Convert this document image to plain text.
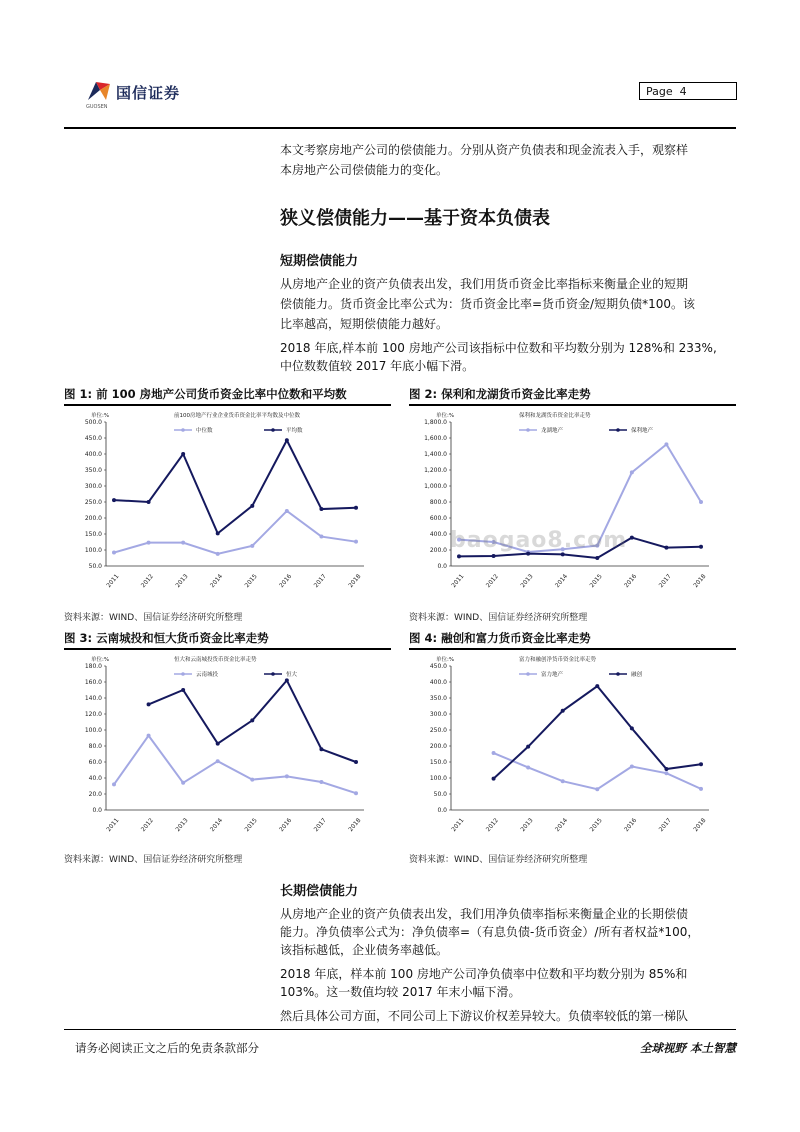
国信证券
GUOSEN
Page 4
本文考察房地产公司的偿债能力。分别从资产负债表和现金流表入手，观察样
本房地产公司偿债能力的变化。
狭义偿债能力——基于资本负债表
短期偿债能力
从房地产企业的资产负债表出发，我们用货币资金比率指标来衡量企业的短期
偿债能力。货币资金比率公式为：货币资金比率=货币资金/短期负债*100。该
比率越高，短期偿债能力越好。
2018 年底,样本前 100 房地产公司该指标中位数和平均数分别为 128%和 233%,
中位数数值较 2017 年底小幅下滑。
图 1: 前 100 房地产公司货币资金比率中位数和平均数
单位:%	前100房地产行业企业货币资金比率平均数及中位数
500.0
450.0
400.0
350.0
300.0
250.0
200.0
150.0
100.0
50.0
2011	2012	2013	2014	2015	2016	2017	2018
中位数	平均数
资料来源：WIND、国信证券经济研究所整理
图 2: 保利和龙湖货币资金比率走势
单位:%	保利和龙湖货币资金比率走势
1,800.0
1,600.0
1,400.0
1,200.0
1,000.0
800.0
600.0
400.0
200.0
0.0
2011	2012	2013	2014	2015	2016	2017	2018
龙湖地产	保利地产
资料来源：WIND、国信证券经济研究所整理
图 3: 云南城投和恒大货币资金比率走势
单位:%	恒大和云南城投货币资金比率走势
180.0
160.0
140.0
120.0
100.0
80.0
60.0
40.0
20.0
0.0
2011	2012	2013	2014	2015	2016	2017	2018
云南城投	恒大
资料来源：WIND、国信证券经济研究所整理
图 4: 融创和富力货币资金比率走势
单位:%	富力和融创净货币资金比率走势
450.0
400.0
350.0
300.0
250.0
200.0
150.0
100.0
50.0
0.0
2011	2012	2013	2014	2015	2016	2017	2018
富力地产	融创
资料来源：WIND、国信证券经济研究所整理
baogao8.com
长期偿债能力
从房地产企业的资产负债表出发，我们用净负债率指标来衡量企业的长期偿债
能力。净负债率公式为：净负债率=（有息负债-货币资金）/所有者权益*100，
该指标越低，企业债务率越低。
2018 年底，样本前 100 房地产公司净负债率中位数和平均数分别为 85%和
103%。这一数值均较 2017 年末小幅下滑。
然后具体公司方面，不同公司上下游议价权差异较大。负债率较低的第一梯队
请务必阅读正文之后的免责条款部分	全球视野 本土智慧
